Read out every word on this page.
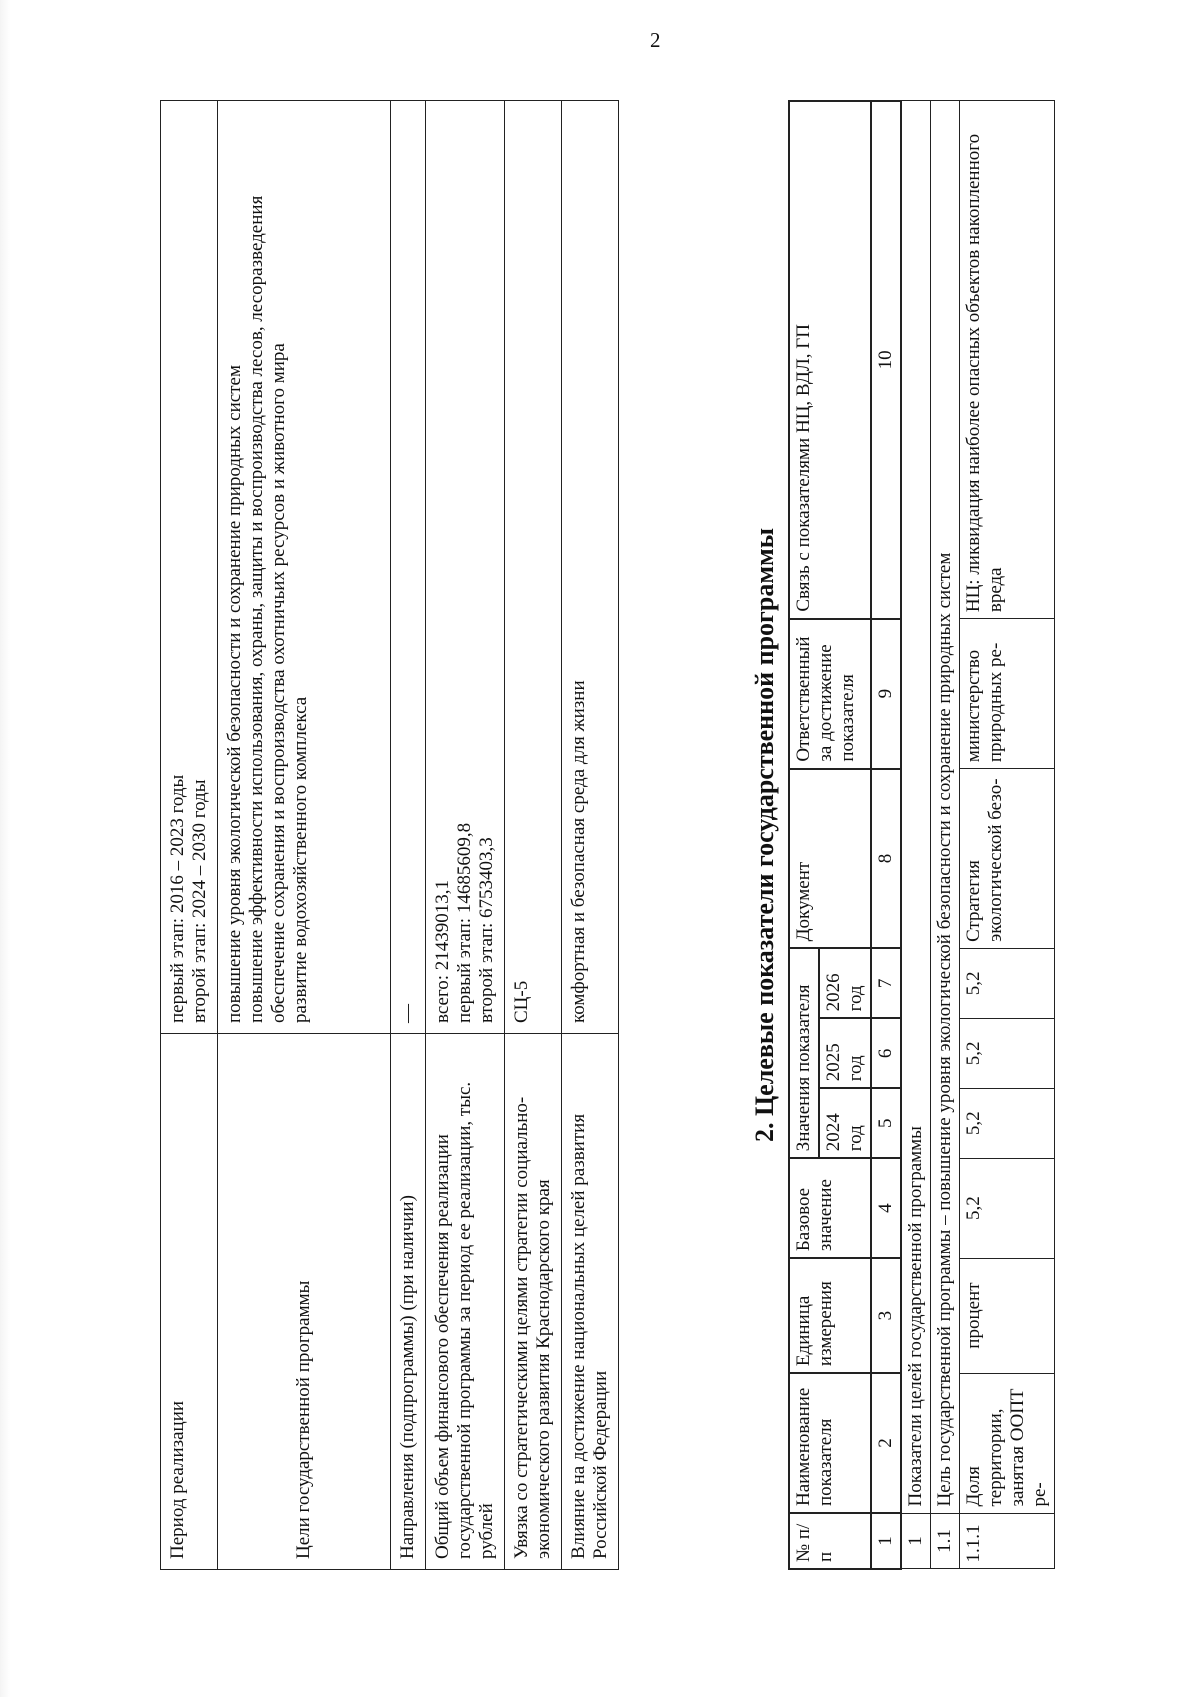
2
Период реализации	первый этап: 2016 – 2023 годы второй этап: 2024 – 2030 годы

Цели государственной программы	повышение уровня экологической безопасности и сохранение природных систем повышение эффективности использования, охраны, защиты и воспроизводства лесов, лесоразведения обеспечение сохранения и воспроизводства охотничьих ресурсов и животного мира развитие водохозяйственного комплекса

Направления (подпрограммы) (при наличии)	—

Общий объем финансового обеспечения реализации государственной программы за период ее реализации, тыс. рублей	всего: 21439013,1 первый этап: 14685609,8 второй этап: 6753403,3

Увязка со стратегическими целями стратегии социально-экономического развития Краснодарского края	СЦ-5

Влияние на достижение национальных целей развития Российской Федерации	комфортная и безопасная среда для жизни	2. Целевые показатели государственной программы
№ п/п	Наименование показателя	Единица измерения	Базовое значение	Значения показателя			Документ	Ответственный за достижение показателя	Связь с показателями НЦ, ВДЛ, ГП
				2024 год	2025 год	2026 год			
1	2	3	4	5	6	7	8	9	10
1	Показатели целей государственной программы								
1.1	Цель государственной программы – повышение уровня экологической безопасности и сохранение природных систем								
1.1.1	Доля территории, занятая ООПТ ре-	процент	5,2	5,2	5,2	5,2	Стратегия экологической безо-	министерство природных ре-	НЦ: ликвидация наиболее опасных объектов накопленного вреда
